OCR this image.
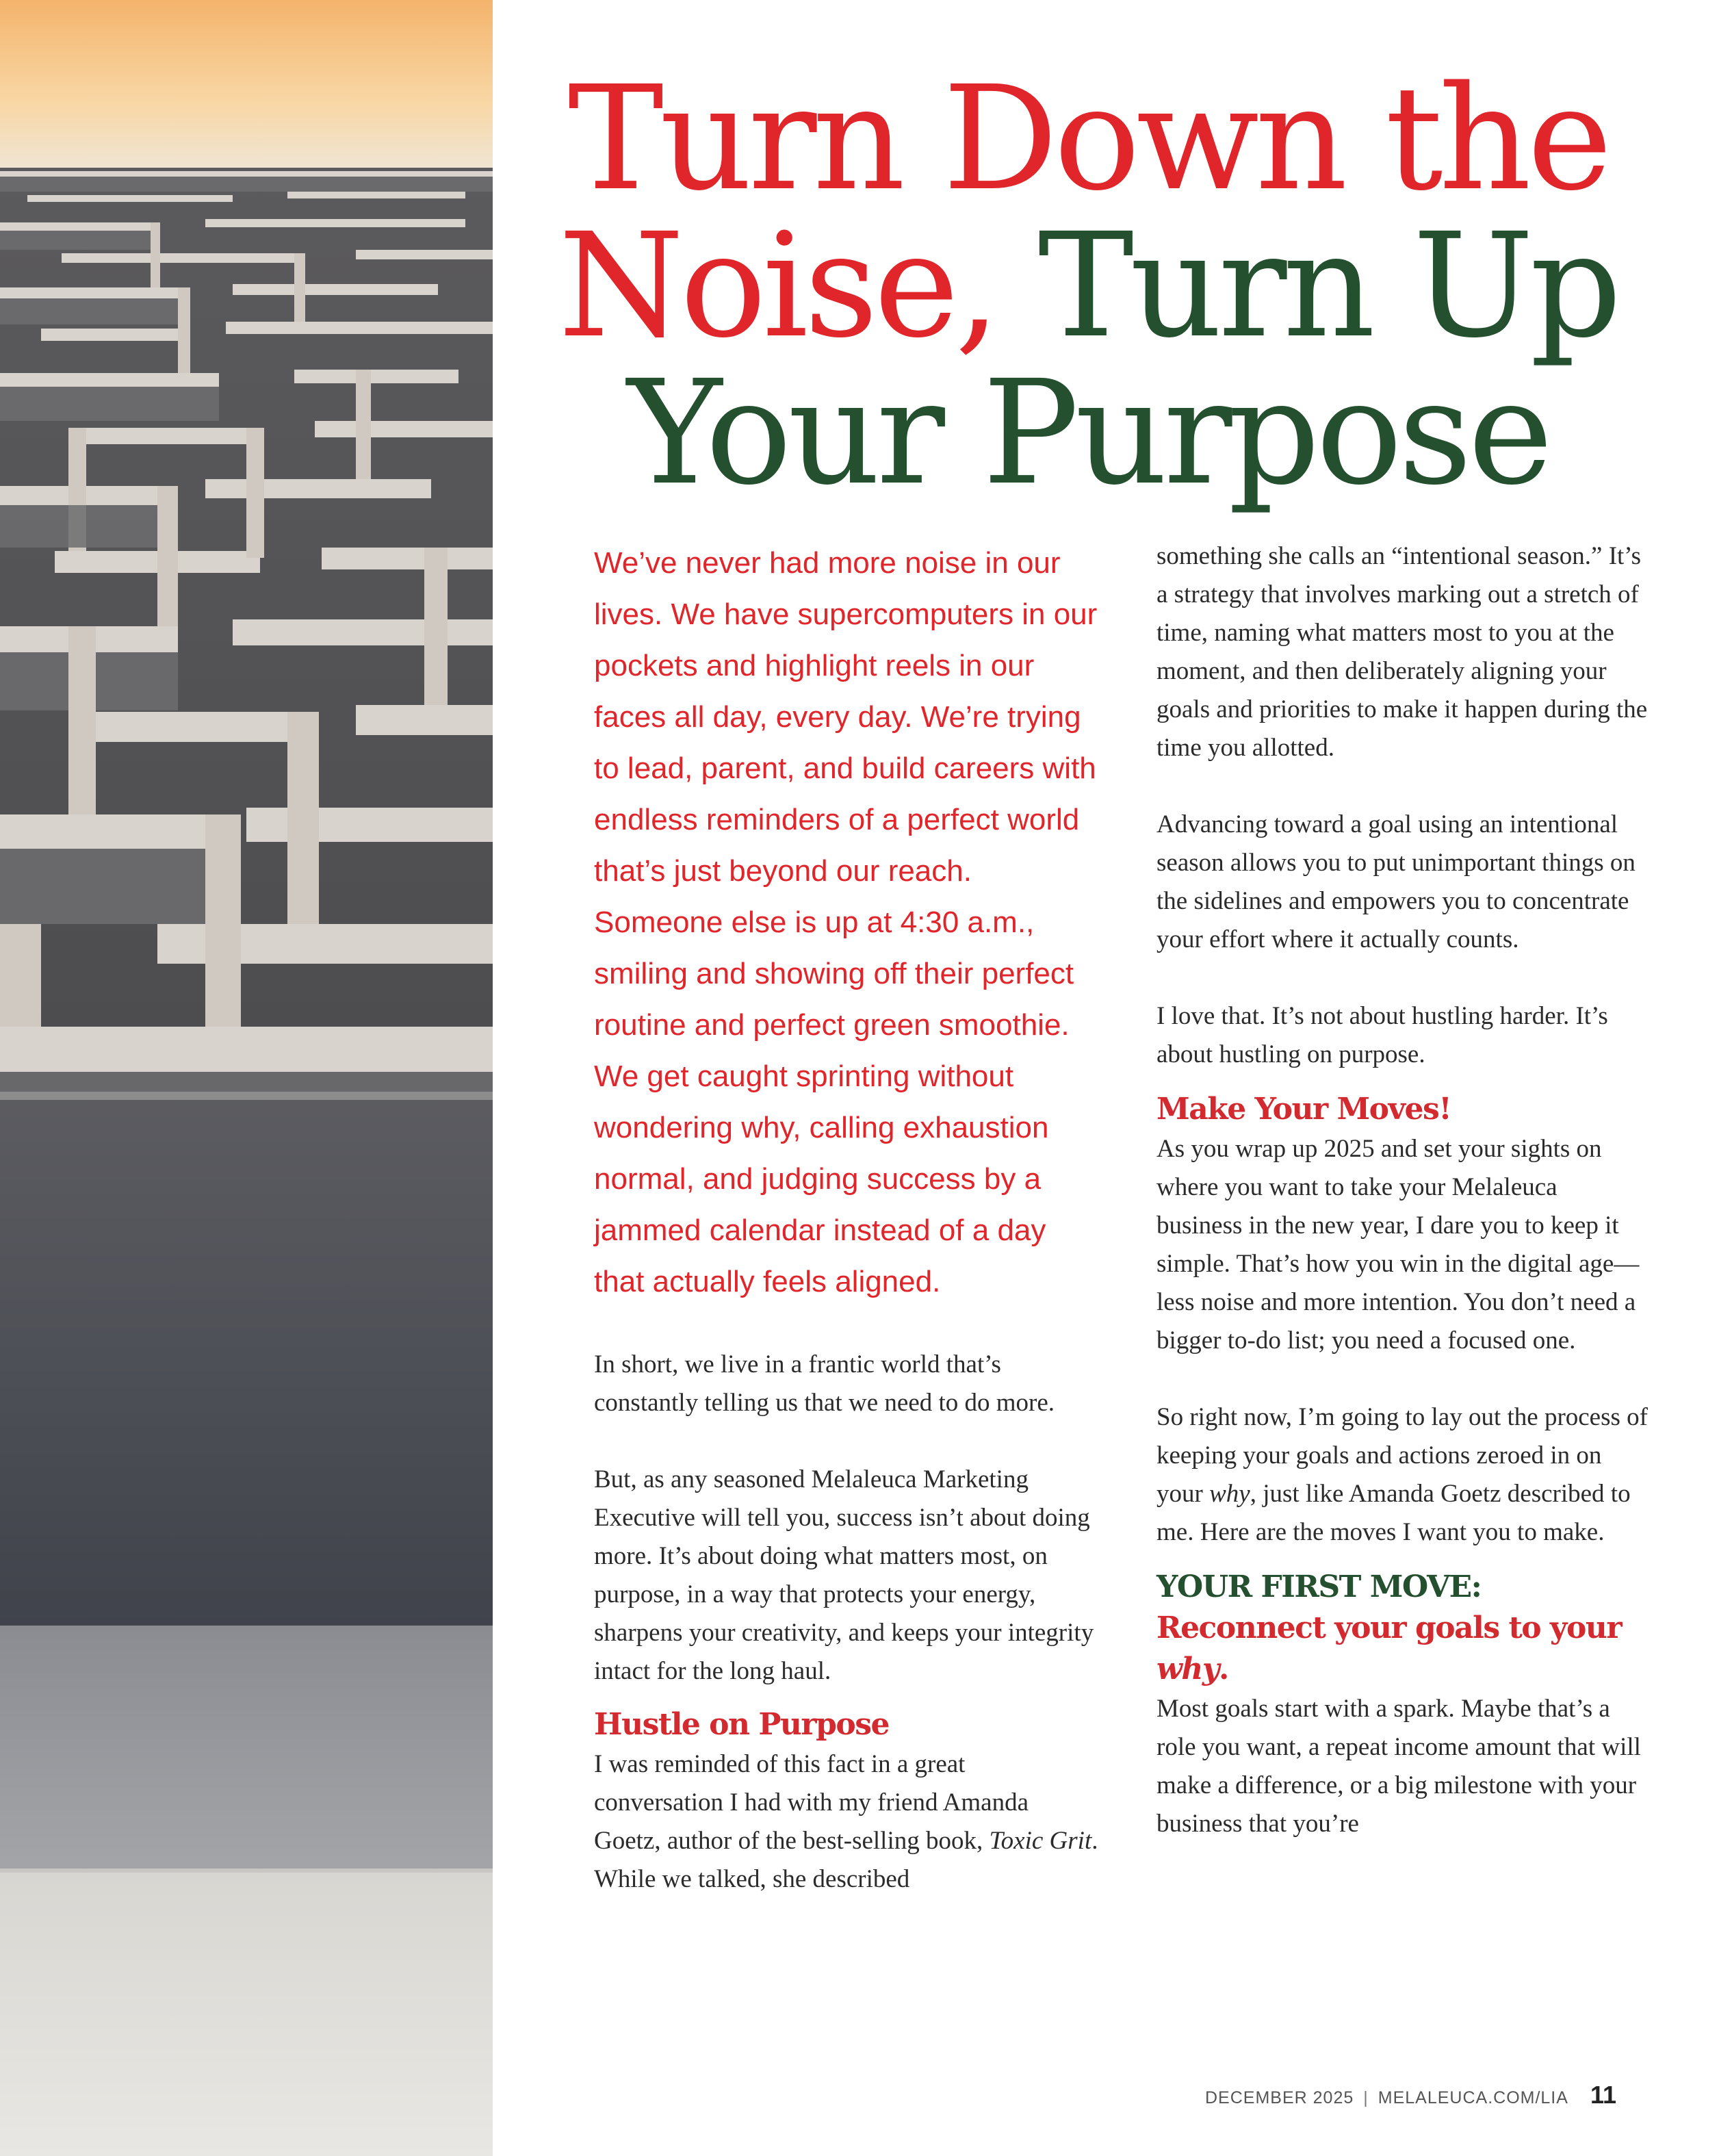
Turn Down the
Noise, Turn Up
Your Purpose

We’ve never had more noise in our lives. We have supercomputers in our pockets and highlight reels in our faces all day, every day. We’re trying to lead, parent, and build careers with endless reminders of a perfect world that’s just beyond our reach. Someone else is up at 4:30 a.m., smiling and showing off their perfect routine and perfect green smoothie. We get caught sprinting without wondering why, calling exhaustion normal, and judging success by a jammed calendar instead of a day that actually feels aligned.

In short, we live in a frantic world that’s constantly telling us that we need to do more.

But, as any seasoned Melaleuca Marketing Executive will tell you, success isn’t about doing more. It’s about doing what matters most, on purpose, in a way that protects your energy, sharpens your creativity, and keeps your integrity intact for the long haul.

Hustle on Purpose

I was reminded of this fact in a great conversation I had with my friend Amanda Goetz, author of the best-selling book, Toxic Grit. While we talked, she described

something she calls an “intentional season.” It’s a strategy that involves marking out a stretch of time, naming what matters most to you at the moment, and then deliberately aligning your goals and priorities to make it happen during the time you allotted.

Advancing toward a goal using an intentional season allows you to put unimportant things on the sidelines and empowers you to concentrate your effort where it actually counts.

I love that. It’s not about hustling harder. It’s about hustling on purpose.

Make Your Moves!

As you wrap up 2025 and set your sights on where you want to take your Melaleuca business in the new year, I dare you to keep it simple. That’s how you win in the digital age—less noise and more intention. You don’t need a bigger to-do list; you need a focused one.

So right now, I’m going to lay out the process of keeping your goals and actions zeroed in on your why, just like Amanda Goetz described to me. Here are the moves I want you to make.

YOUR FIRST MOVE:
Reconnect your goals to your why.

Most goals start with a spark. Maybe that’s a role you want, a repeat income amount that will make a difference, or a big milestone with your business that you’re

DECEMBER 2025 | MELALEUCA.COM/LIA 11
